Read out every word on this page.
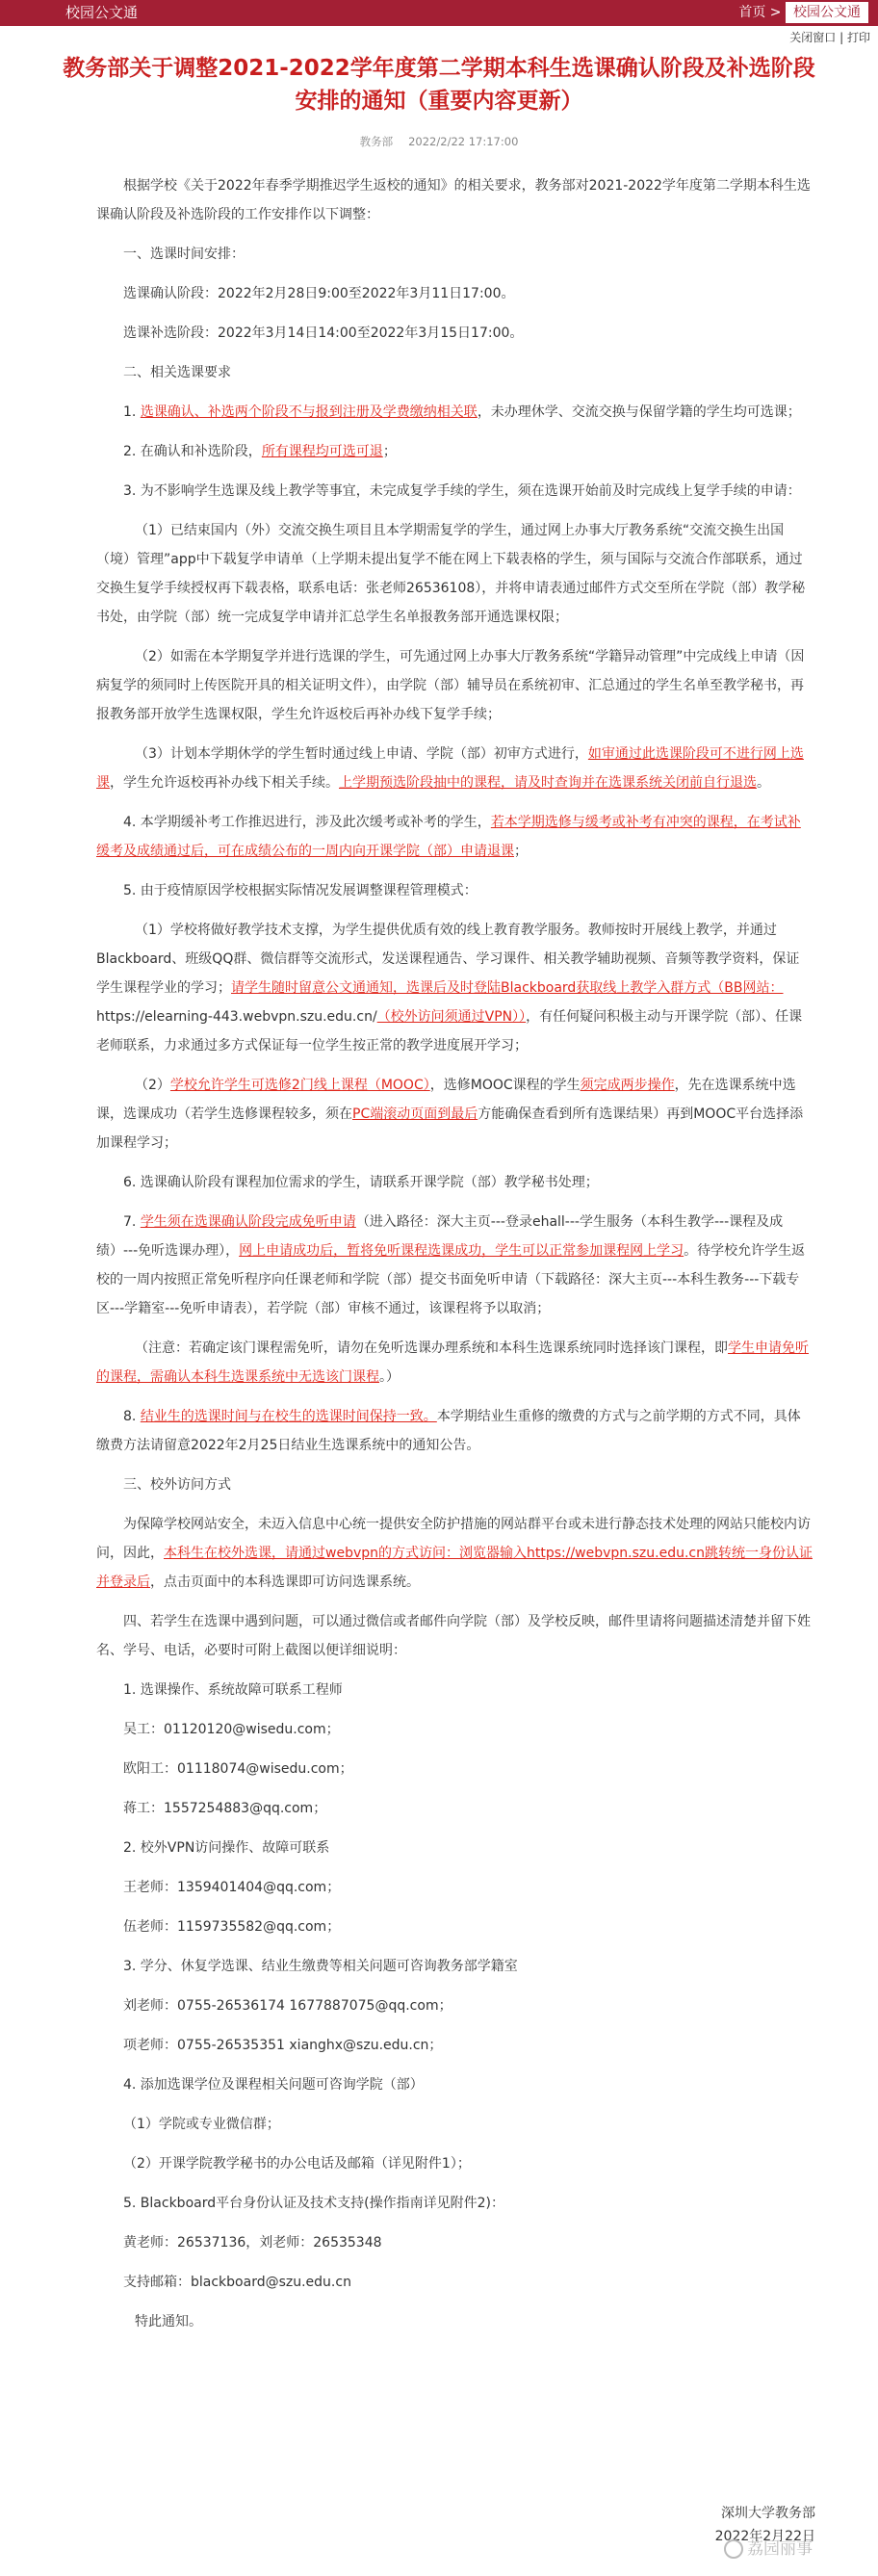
校园公文通	首页 > 校园公文通
关闭窗口 | 打印
教务部关于调整2021-2022学年度第二学期本科生选课确认阶段及补选阶段安排的通知（重要内容更新）
教务部 2022/2/22 17:17:00

根据学校《关于2022年春季学期推迟学生返校的通知》的相关要求，教务部对2021-2022学年度第二学期本科生选课确认阶段及补选阶段的工作安排作以下调整：

一、选课时间安排：

选课确认阶段：2022年2月28日9:00至2022年3月11日17:00。

选课补选阶段：2022年3月14日14:00至2022年3月15日17:00。

二、相关选课要求

1. 选课确认、补选两个阶段不与报到注册及学费缴纳相关联，未办理休学、交流交换与保留学籍的学生均可选课；

2. 在确认和补选阶段，所有课程均可选可退；

3. 为不影响学生选课及线上教学等事宜，未完成复学手续的学生，须在选课开始前及时完成线上复学手续的申请：

（1）已结束国内（外）交流交换生项目且本学期需复学的学生，通过网上办事大厅教务系统“交流交换生出国（境）管理”app中下载复学申请单（上学期未提出复学不能在网上下载表格的学生，须与国际与交流合作部联系，通过交换生复学手续授权再下载表格，联系电话：张老师26536108），并将申请表通过邮件方式交至所在学院（部）教学秘书处，由学院（部）统一完成复学申请并汇总学生名单报教务部开通选课权限；

（2）如需在本学期复学并进行选课的学生，可先通过网上办事大厅教务系统“学籍异动管理”中完成线上申请（因病复学的须同时上传医院开具的相关证明文件），由学院（部）辅导员在系统初审、汇总通过的学生名单至教学秘书，再报教务部开放学生选课权限，学生允许返校后再补办线下复学手续；

（3）计划本学期休学的学生暂时通过线上申请、学院（部）初审方式进行，如审通过此选课阶段可不进行网上选课，学生允许返校再补办线下相关手续。上学期预选阶段抽中的课程，请及时查询并在选课系统关闭前自行退选。

4. 本学期缓补考工作推迟进行，涉及此次缓考或补考的学生，若本学期选修与缓考或补考有冲突的课程，在考试补缓考及成绩通过后，可在成绩公布的一周内向开课学院（部）申请退课；

5. 由于疫情原因学校根据实际情况发展调整课程管理模式：

（1）学校将做好教学技术支撑，为学生提供优质有效的线上教育教学服务。教师按时开展线上教学，并通过Blackboard、班级QQ群、微信群等交流形式，发送课程通告、学习课件、相关教学辅助视频、音频等教学资料，保证学生课程学业的学习；请学生随时留意公文通通知，选课后及时登陆Blackboard获取线上教学入群方式（BB网站：https://elearning-443.webvpn.szu.edu.cn/（校外访问须通过VPN）），有任何疑问积极主动与开课学院（部）、任课老师联系，力求通过多方式保证每一位学生按正常的教学进度展开学习；

（2）学校允许学生可选修2门线上课程（MOOC），选修MOOC课程的学生须完成两步操作，先在选课系统中选课，选课成功（若学生选修课程较多，须在PC端滚动页面到最后方能确保查看到所有选课结果）再到MOOC平台选择添加课程学习；

6. 选课确认阶段有课程加位需求的学生，请联系开课学院（部）教学秘书处理；

7. 学生须在选课确认阶段完成免听申请（进入路径：深大主页---登录ehall---学生服务（本科生教学---课程及成绩）---免听选课办理），网上申请成功后，暂将免听课程选课成功，学生可以正常参加课程网上学习。待学校允许学生返校的一周内按照正常免听程序向任课老师和学院（部）提交书面免听申请（下载路径：深大主页---本科生教务---下载专区---学籍室---免听申请表），若学院（部）审核不通过，该课程将予以取消；

（注意：若确定该门课程需免听，请勿在免听选课办理系统和本科生选课系统同时选择该门课程，即学生申请免听的课程，需确认本科生选课系统中无选该门课程。）

8. 结业生的选课时间与在校生的选课时间保持一致。本学期结业生重修的缴费的方式与之前学期的方式不同，具体缴费方法请留意2022年2月25日结业生选课系统中的通知公告。

三、校外访问方式

为保障学校网站安全，未迈入信息中心统一提供安全防护措施的网站群平台或未进行静态技术处理的网站只能校内访问，因此，本科生在校外选课，请通过webvpn的方式访问：浏览器输入https://webvpn.szu.edu.cn跳转统一身份认证并登录后，点击页面中的本科选课即可访问选课系统。

四、若学生在选课中遇到问题，可以通过微信或者邮件向学院（部）及学校反映，邮件里请将问题描述清楚并留下姓名、学号、电话，必要时可附上截图以便详细说明：

1. 选课操作、系统故障可联系工程师

吴工：01120120@wisedu.com；

欧阳工：01118074@wisedu.com；

蒋工：1557254883@qq.com；

2. 校外VPN访问操作、故障可联系

王老师：1359401404@qq.com；

伍老师：1159735582@qq.com；

3. 学分、休复学选课、结业生缴费等相关问题可咨询教务部学籍室

刘老师：0755-26536174 1677887075@qq.com；

项老师：0755-26535351 xianghx@szu.edu.cn；

4. 添加选课学位及课程相关问题可咨询学院（部）

（1）学院或专业微信群；

（2）开课学院教学秘书的办公电话及邮箱（详见附件1）；

5. Blackboard平台身份认证及技术支持(操作指南详见附件2)：

黄老师：26537136，刘老师：26535348

支持邮箱：blackboard@szu.edu.cn

特此通知。

深圳大学教务部
2022年2月22日
荔园丽事
